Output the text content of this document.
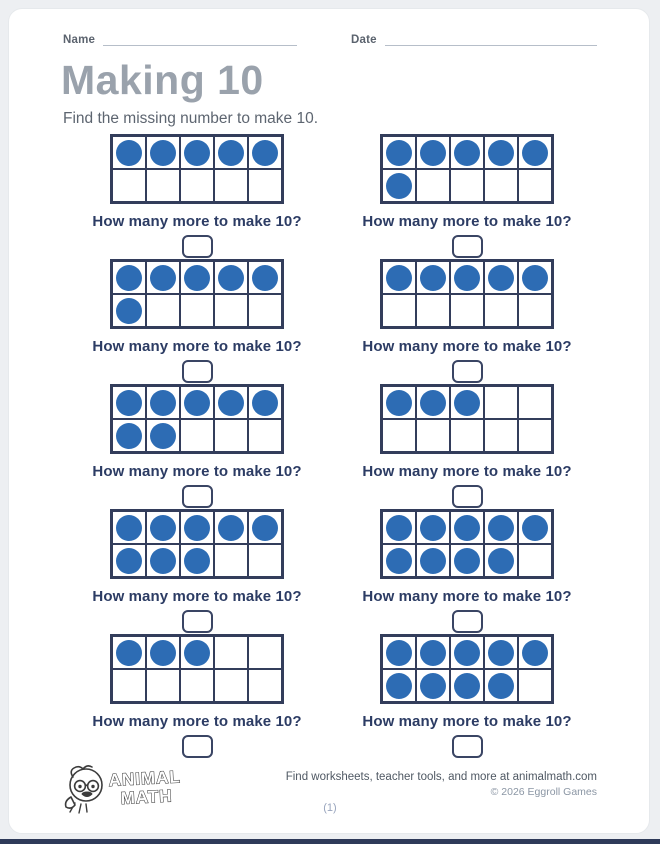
Name	Date
Making 10
Find the missing number to make 10.
How many more to make 10?	How many more to make 10?
How many more to make 10?	How many more to make 10?
How many more to make 10?	How many more to make 10?
How many more to make 10?	How many more to make 10?
How many more to make 10?	How many more to make 10?
ANIMAL
MATH
Find worksheets, teacher tools, and more at animalmath.com
© 2026 Eggroll Games
(1)
